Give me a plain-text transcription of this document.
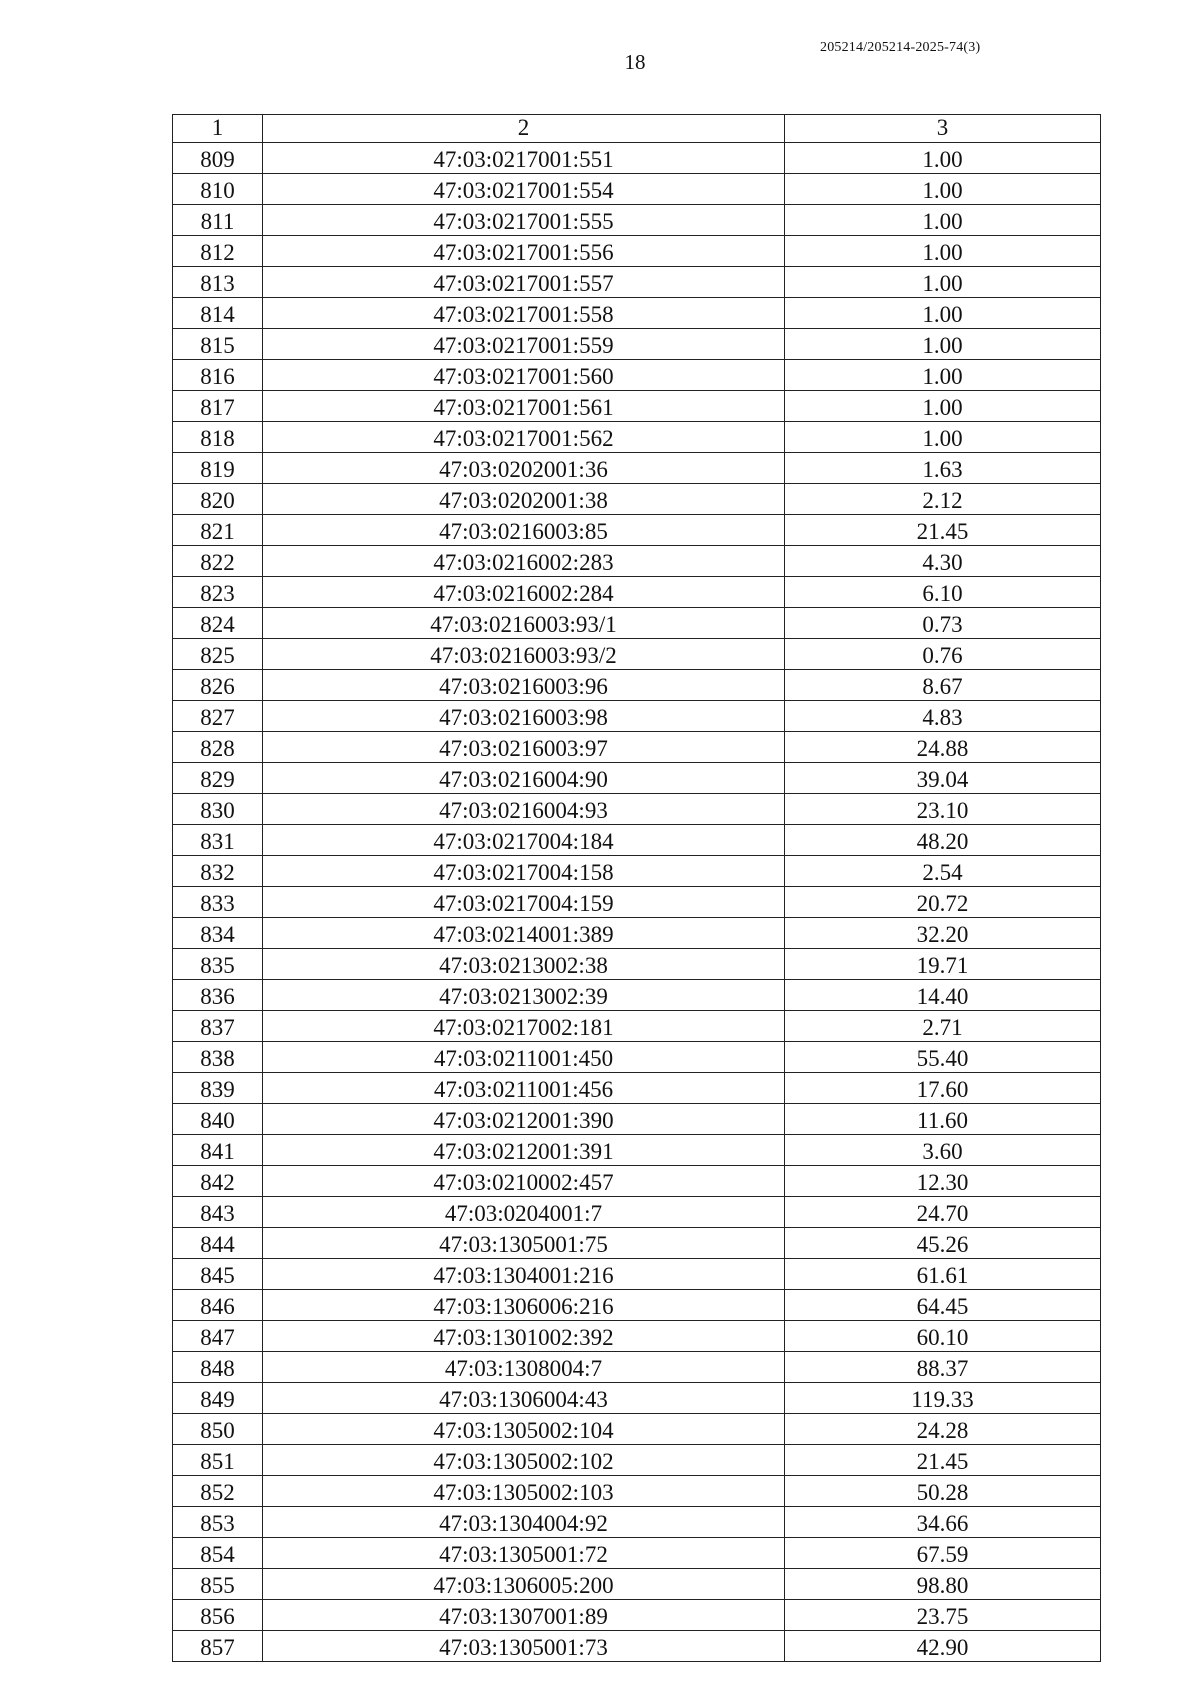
18
205214/205214-2025-74(3)
1	2	3
809	47:03:0217001:551	1.00
810	47:03:0217001:554	1.00
811	47:03:0217001:555	1.00
812	47:03:0217001:556	1.00
813	47:03:0217001:557	1.00
814	47:03:0217001:558	1.00
815	47:03:0217001:559	1.00
816	47:03:0217001:560	1.00
817	47:03:0217001:561	1.00
818	47:03:0217001:562	1.00
819	47:03:0202001:36	1.63
820	47:03:0202001:38	2.12
821	47:03:0216003:85	21.45
822	47:03:0216002:283	4.30
823	47:03:0216002:284	6.10
824	47:03:0216003:93/1	0.73
825	47:03:0216003:93/2	0.76
826	47:03:0216003:96	8.67
827	47:03:0216003:98	4.83
828	47:03:0216003:97	24.88
829	47:03:0216004:90	39.04
830	47:03:0216004:93	23.10
831	47:03:0217004:184	48.20
832	47:03:0217004:158	2.54
833	47:03:0217004:159	20.72
834	47:03:0214001:389	32.20
835	47:03:0213002:38	19.71
836	47:03:0213002:39	14.40
837	47:03:0217002:181	2.71
838	47:03:0211001:450	55.40
839	47:03:0211001:456	17.60
840	47:03:0212001:390	11.60
841	47:03:0212001:391	3.60
842	47:03:0210002:457	12.30
843	47:03:0204001:7	24.70
844	47:03:1305001:75	45.26
845	47:03:1304001:216	61.61
846	47:03:1306006:216	64.45
847	47:03:1301002:392	60.10
848	47:03:1308004:7	88.37
849	47:03:1306004:43	119.33
850	47:03:1305002:104	24.28
851	47:03:1305002:102	21.45
852	47:03:1305002:103	50.28
853	47:03:1304004:92	34.66
854	47:03:1305001:72	67.59
855	47:03:1306005:200	98.80
856	47:03:1307001:89	23.75
857	47:03:1305001:73	42.90
